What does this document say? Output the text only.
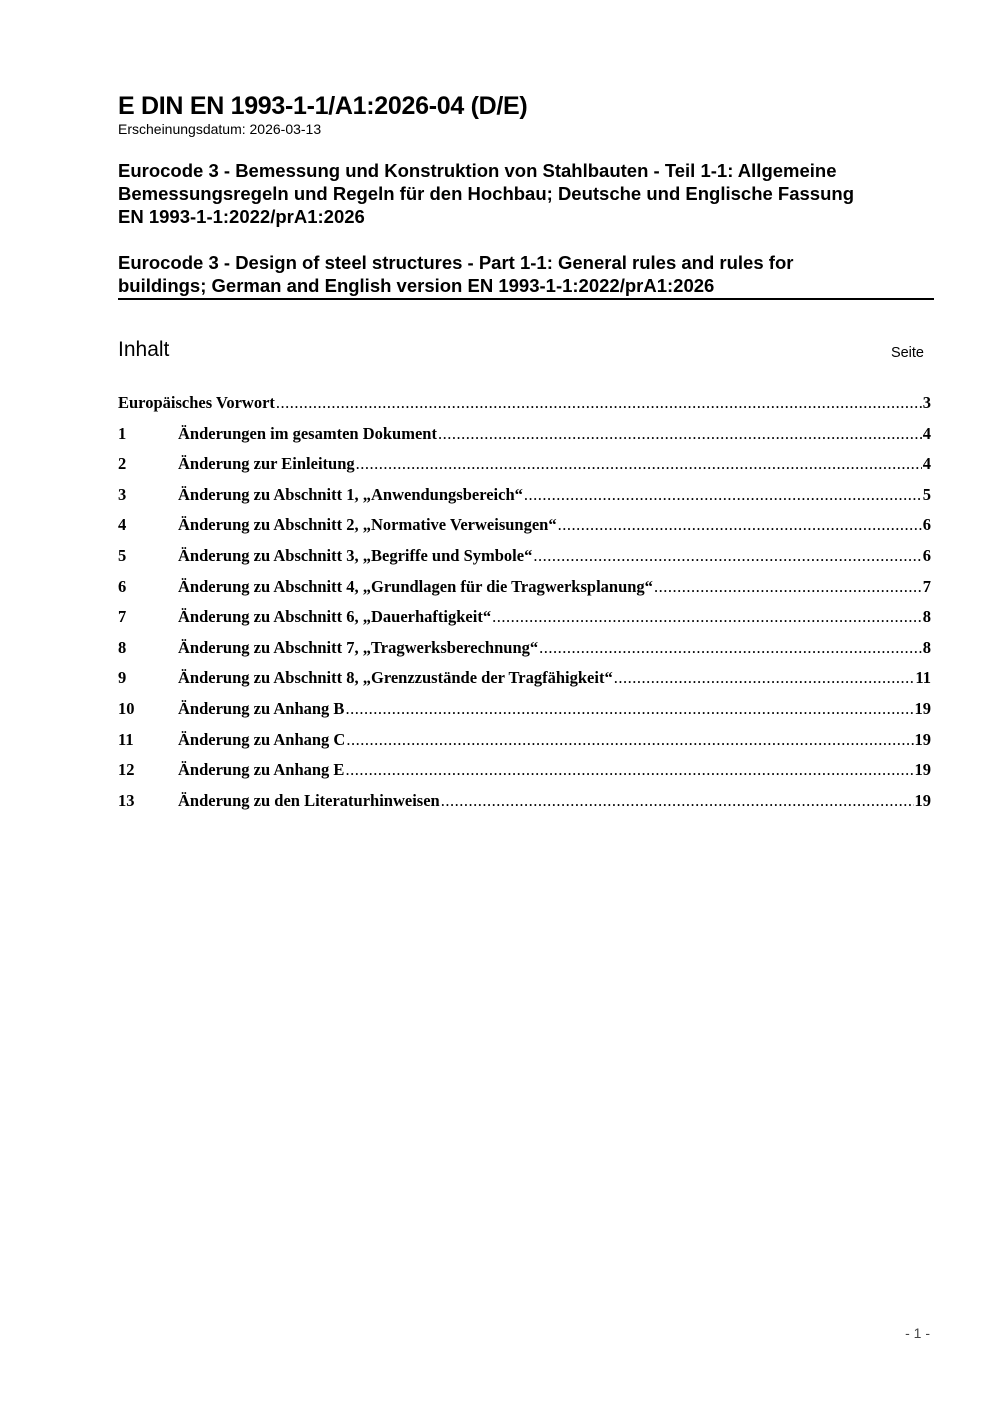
E DIN EN 1993-1-1/A1:2026-04 (D/E)
Erscheinungsdatum: 2026-03-13
Eurocode 3 - Bemessung und Konstruktion von Stahlbauten - Teil 1-1: Allgemeine
Bemessungsregeln und Regeln für den Hochbau; Deutsche und Englische Fassung
EN 1993-1-1:2022/prA1:2026
Eurocode 3 - Design of steel structures - Part 1-1: General rules and rules for
buildings; German and English version EN 1993-1-1:2022/prA1:2026
Inhalt	Seite
Europäisches Vorwort .....	3
1	Änderungen im gesamten Dokument .....	4
2	Änderung zur Einleitung .....	4
3	Änderung zu Abschnitt 1, „Anwendungsbereich“ .....	5
4	Änderung zu Abschnitt 2, „Normative Verweisungen“ .....	6
5	Änderung zu Abschnitt 3, „Begriffe und Symbole“ .....	6
6	Änderung zu Abschnitt 4, „Grundlagen für die Tragwerksplanung“ .....	7
7	Änderung zu Abschnitt 6, „Dauerhaftigkeit“ .....	8
8	Änderung zu Abschnitt 7, „Tragwerksberechnung“ .....	8
9	Änderung zu Abschnitt 8, „Grenzzustände der Tragfähigkeit“ .....	11
10	Änderung zu Anhang B .....	19
11	Änderung zu Anhang C .....	19
12	Änderung zu Anhang E .....	19
13	Änderung zu den Literaturhinweisen .....	19
- 1 -
